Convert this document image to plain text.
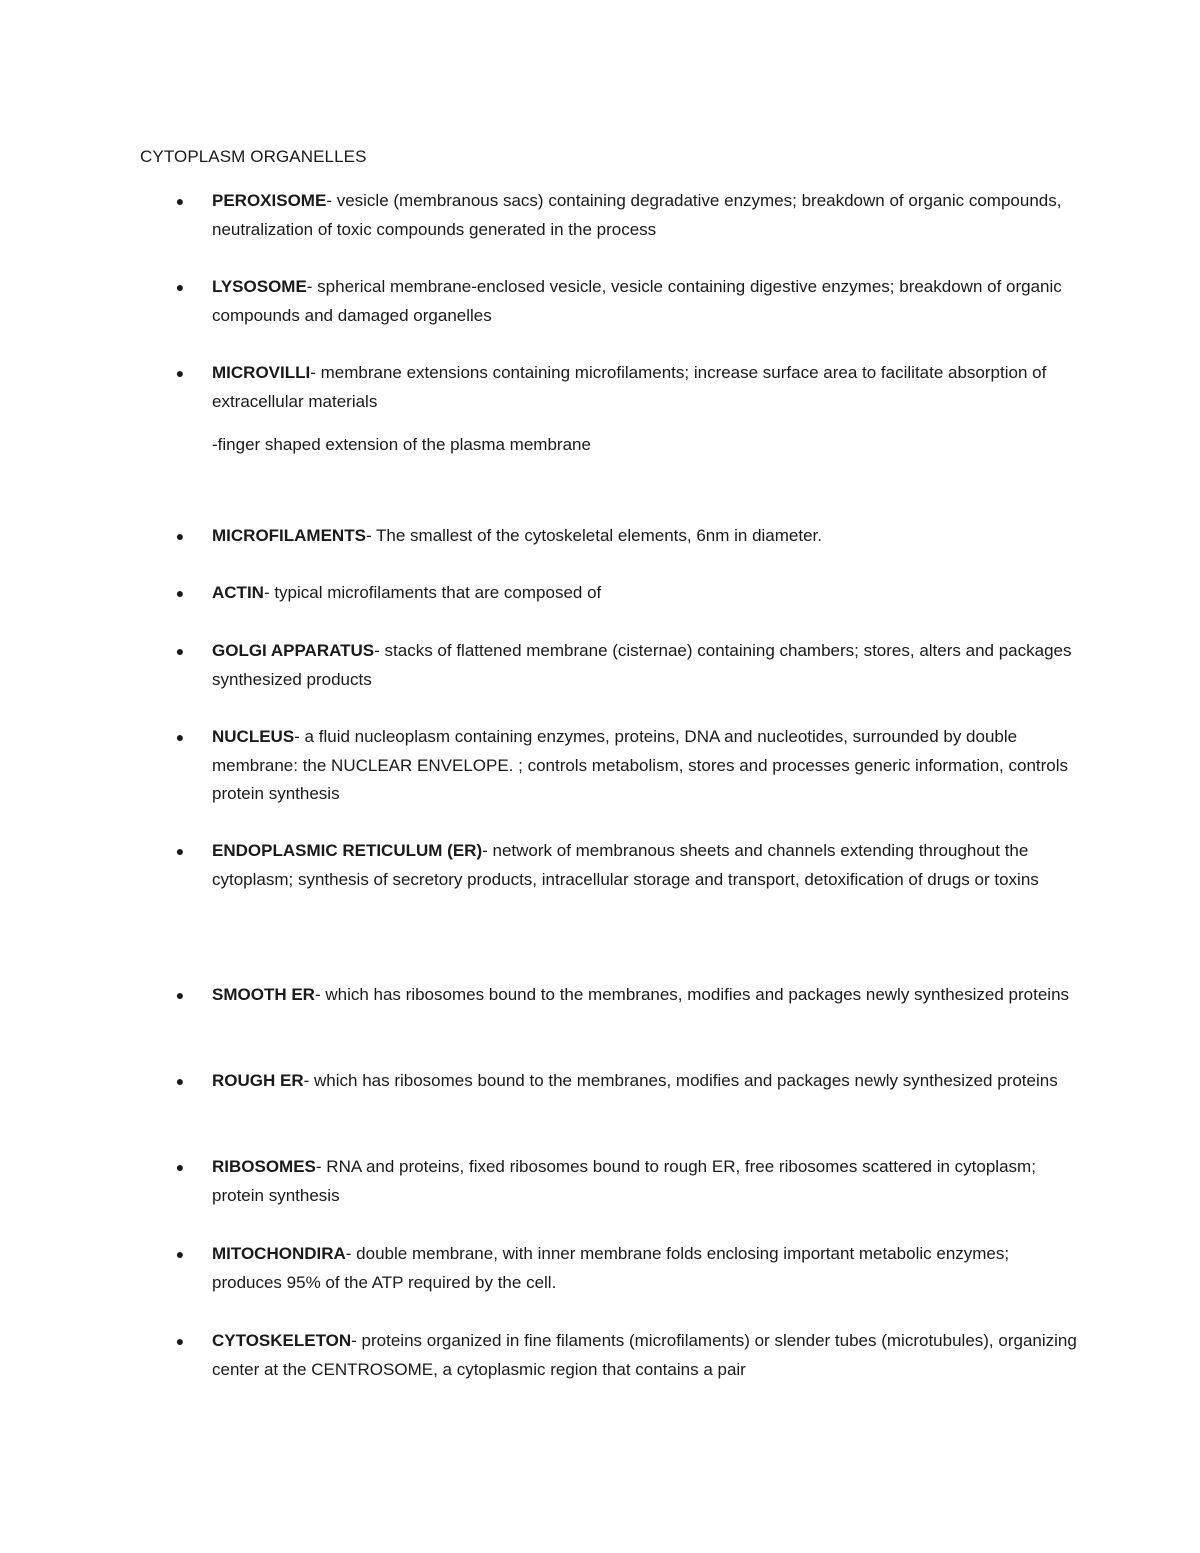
CYTOPLASM ORGANELLES

● PEROXISOME- vesicle (membranous sacs) containing degradative enzymes; breakdown of organic compounds, neutralization of toxic compounds generated in the process

● LYSOSOME- spherical membrane-enclosed vesicle, vesicle containing digestive enzymes; breakdown of organic compounds and damaged organelles

● MICROVILLI- membrane extensions containing microfilaments; increase surface area to facilitate absorption of extracellular materials

-finger shaped extension of the plasma membrane

● MICROFILAMENTS- The smallest of the cytoskeletal elements, 6nm in diameter.

● ACTIN- typical microfilaments that are composed of

● GOLGI APPARATUS- stacks of flattened membrane (cisternae) containing chambers; stores, alters and packages synthesized products

● NUCLEUS- a fluid nucleoplasm containing enzymes, proteins, DNA and nucleotides, surrounded by double membrane: the NUCLEAR ENVELOPE. ; controls metabolism, stores and processes generic information, controls protein synthesis

● ENDOPLASMIC RETICULUM (ER)- network of membranous sheets and channels extending throughout the cytoplasm; synthesis of secretory products, intracellular storage and transport, detoxification of drugs or toxins

● SMOOTH ER- which has ribosomes bound to the membranes, modifies and packages newly synthesized proteins

● ROUGH ER- which has ribosomes bound to the membranes, modifies and packages newly synthesized proteins

● RIBOSOMES- RNA and proteins, fixed ribosomes bound to rough ER, free ribosomes scattered in cytoplasm; protein synthesis

● MITOCHONDIRA- double membrane, with inner membrane folds enclosing important metabolic enzymes; produces 95% of the ATP required by the cell.

● CYTOSKELETON- proteins organized in fine filaments (microfilaments) or slender tubes (microtubules), organizing center at the CENTROSOME, a cytoplasmic region that contains a pair
